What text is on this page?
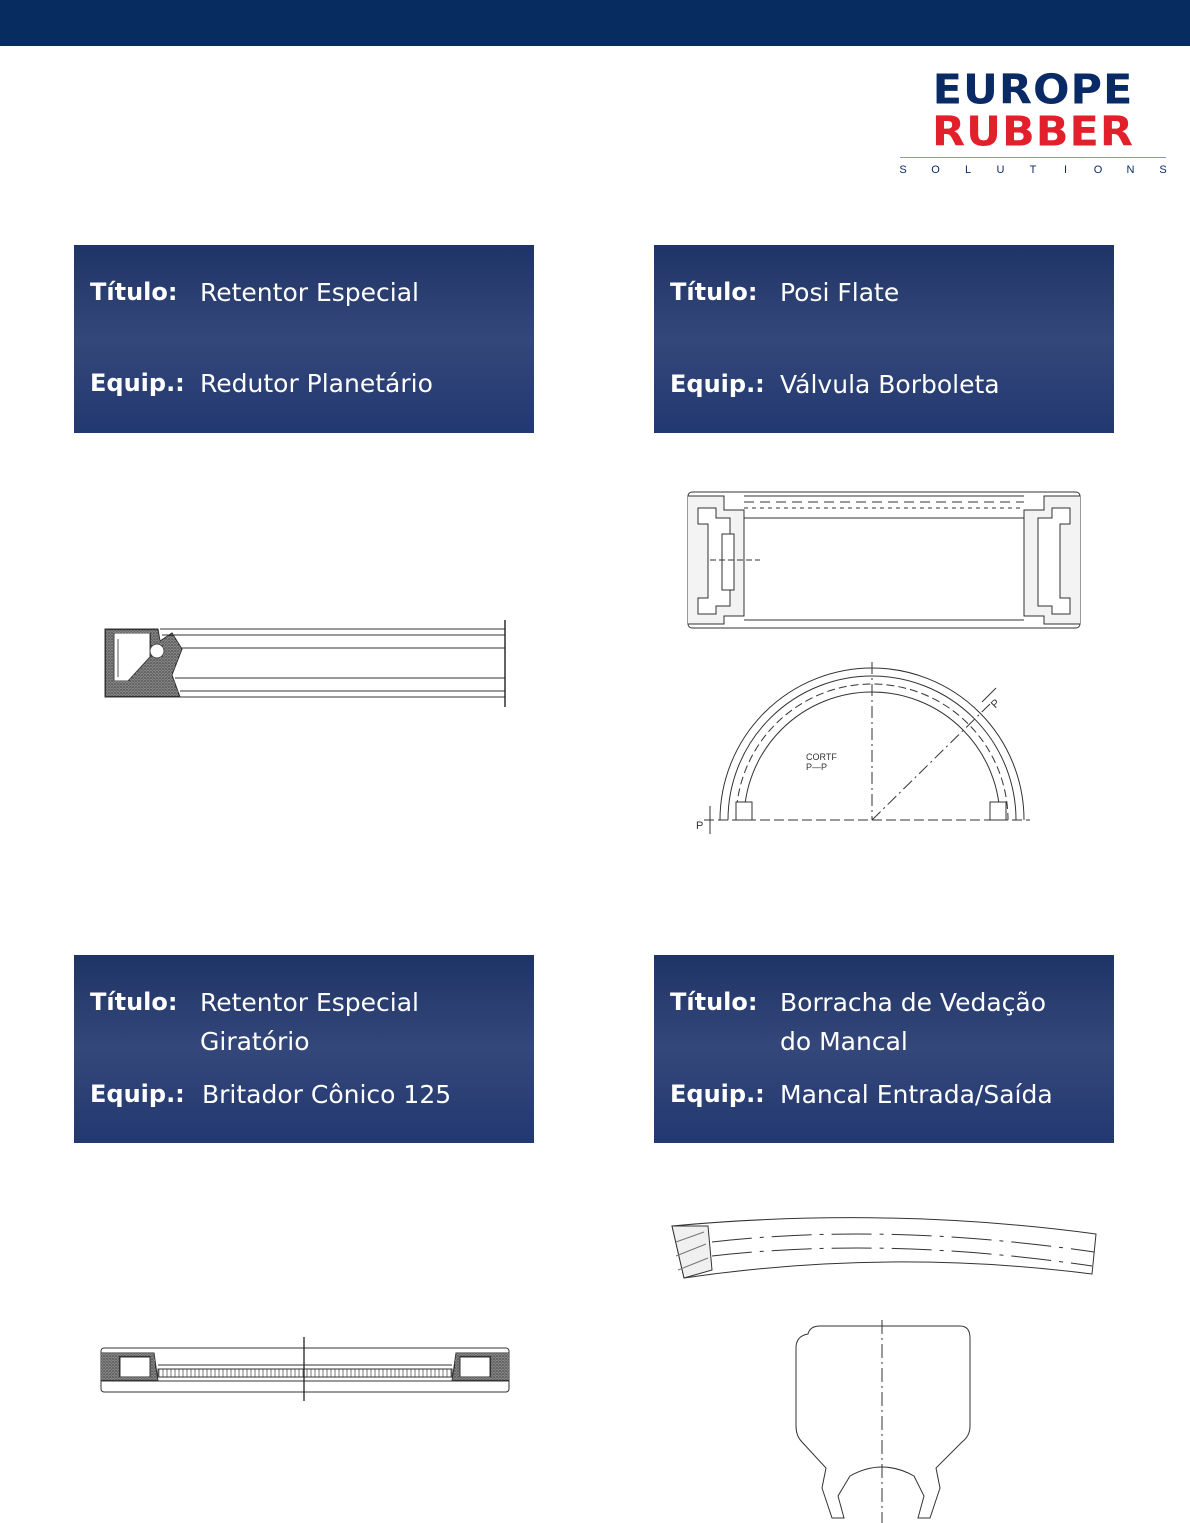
EUROPE
RUBBER
S O L U T	I	O N S
Título: Retentor Especial
Equip.: Redutor Planetário
Título: Posi Flate
Equip.: Válvula Borboleta
Título: Retentor Especial
Giratório
Equip.: Britador Cônico 125
Título: Borracha de Vedação
do Mancal
Equip.: Mancal Entrada/Saída
CORTF
P—P
P
P
